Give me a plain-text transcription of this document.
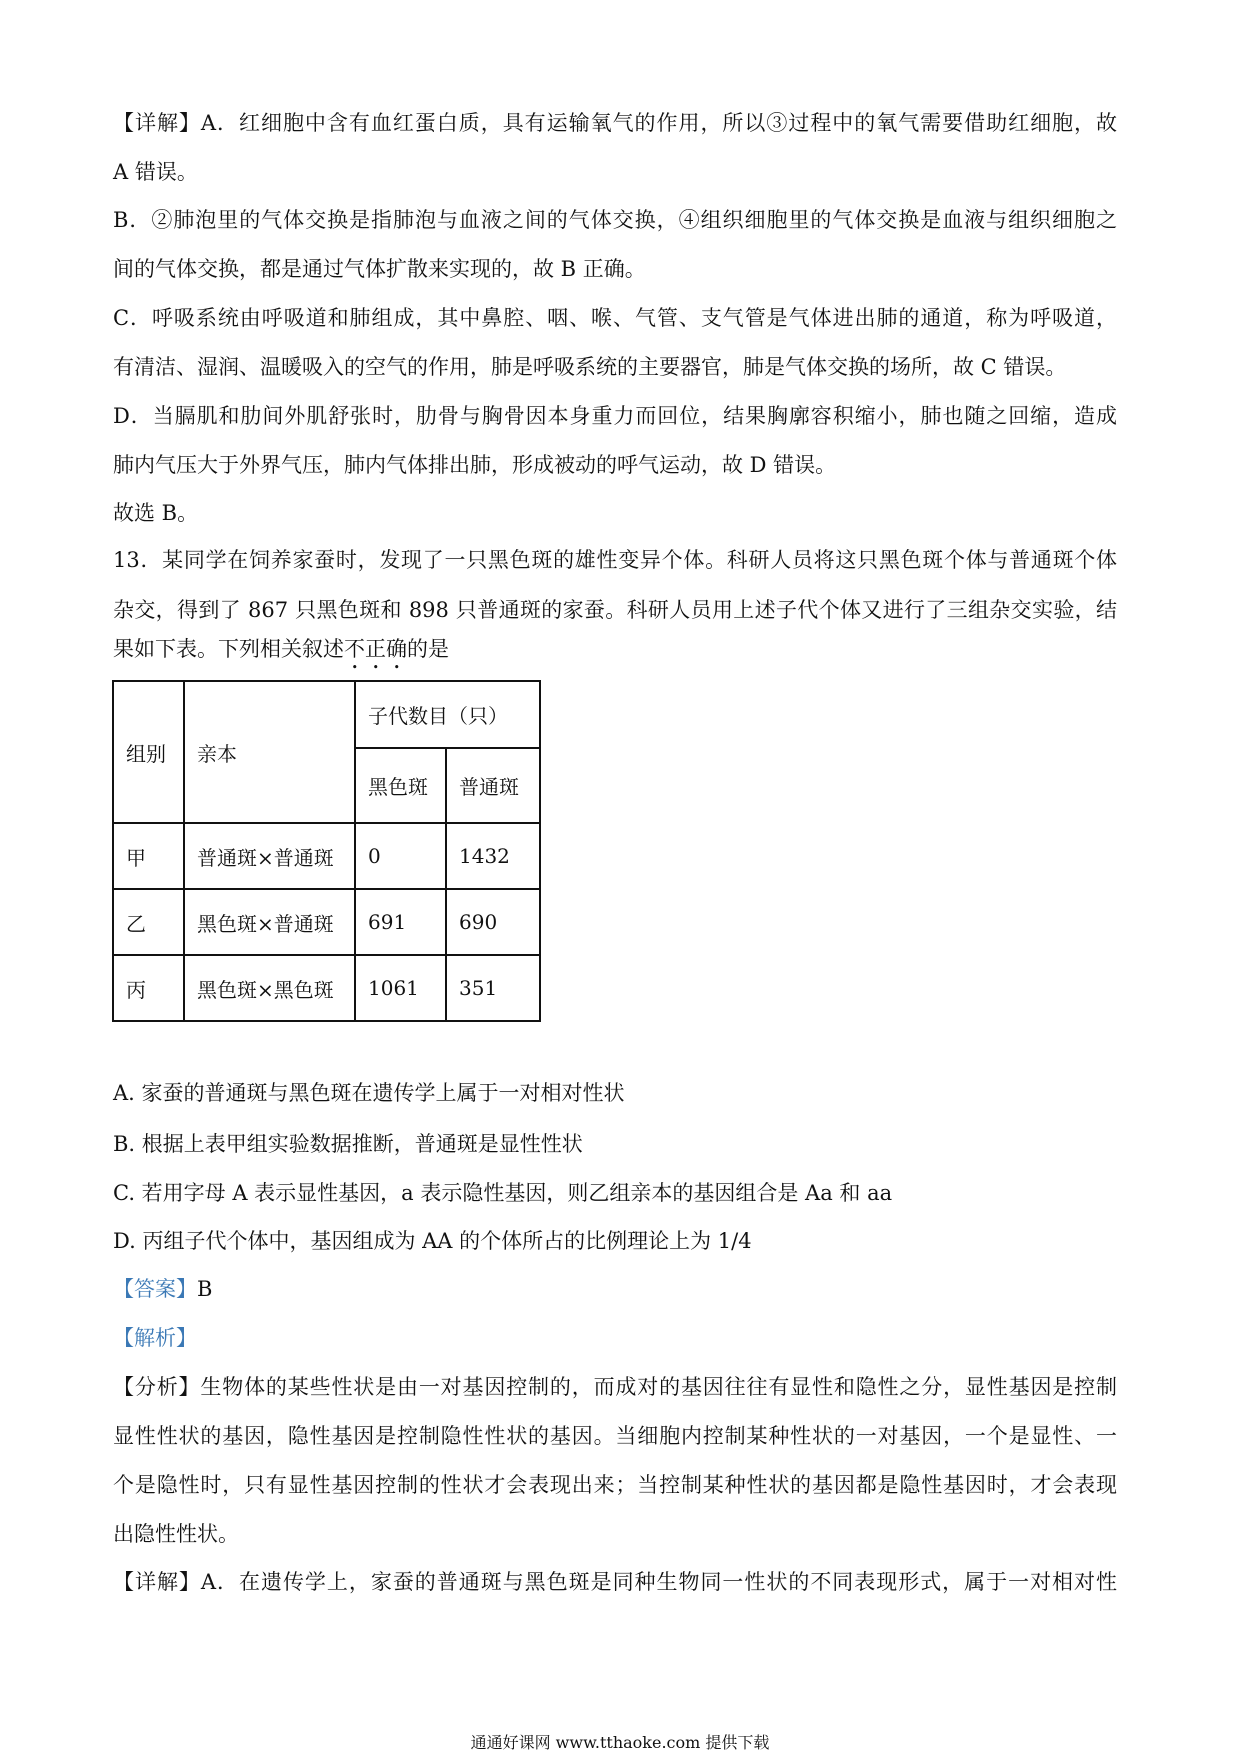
【详解】A．红细胞中含有血红蛋白质，具有运输氧气的作用，所以③过程中的氧气需要借助红细胞，故
A 错误。
B．②肺泡里的气体交换是指肺泡与血液之间的气体交换，④组织细胞里的气体交换是血液与组织细胞之
间的气体交换，都是通过气体扩散来实现的，故 B 正确。
C．呼吸系统由呼吸道和肺组成，其中鼻腔、咽、喉、气管、支气管是气体进出肺的通道，称为呼吸道，
有清洁、湿润、温暖吸入的空气的作用，肺是呼吸系统的主要器官，肺是气体交换的场所，故 C 错误。
D．当膈肌和肋间外肌舒张时，肋骨与胸骨因本身重力而回位，结果胸廓容积缩小，肺也随之回缩，造成
肺内气压大于外界气压，肺内气体排出肺，形成被动的呼气运动，故 D 错误。
故选 B。
13．某同学在饲养家蚕时，发现了一只黑色斑的雄性变异个体。科研人员将这只黑色斑个体与普通斑个体
杂交，得到了 867 只黑色斑和 898 只普通斑的家蚕。科研人员用上述子代个体又进行了三组杂交实验，结
果如下表。下列相关叙述不正确的是
组别	亲本	子代数目（只）	
		黑色斑	普通斑
甲	普通斑×普通斑	0	1432
乙	黑色斑×普通斑	691	690
丙	黑色斑×黑色斑	1061	351
A. 家蚕的普通斑与黑色斑在遗传学上属于一对相对性状
B. 根据上表甲组实验数据推断，普通斑是显性性状
C. 若用字母 A 表示显性基因，a 表示隐性基因，则乙组亲本的基因组合是 Aa 和 aa
D. 丙组子代个体中，基因组成为 AA 的个体所占的比例理论上为 1/4
【答案】B
【解析】
【分析】生物体的某些性状是由一对基因控制的，而成对的基因往往有显性和隐性之分，显性基因是控制
显性性状的基因，隐性基因是控制隐性性状的基因。当细胞内控制某种性状的一对基因，一个是显性、一
个是隐性时，只有显性基因控制的性状才会表现出来；当控制某种性状的基因都是隐性基因时，才会表现
出隐性性状。
【详解】A．在遗传学上，家蚕的普通斑与黑色斑是同种生物同一性状的不同表现形式，属于一对相对性
通通好课网 www.tthaoke.com 提供下载
